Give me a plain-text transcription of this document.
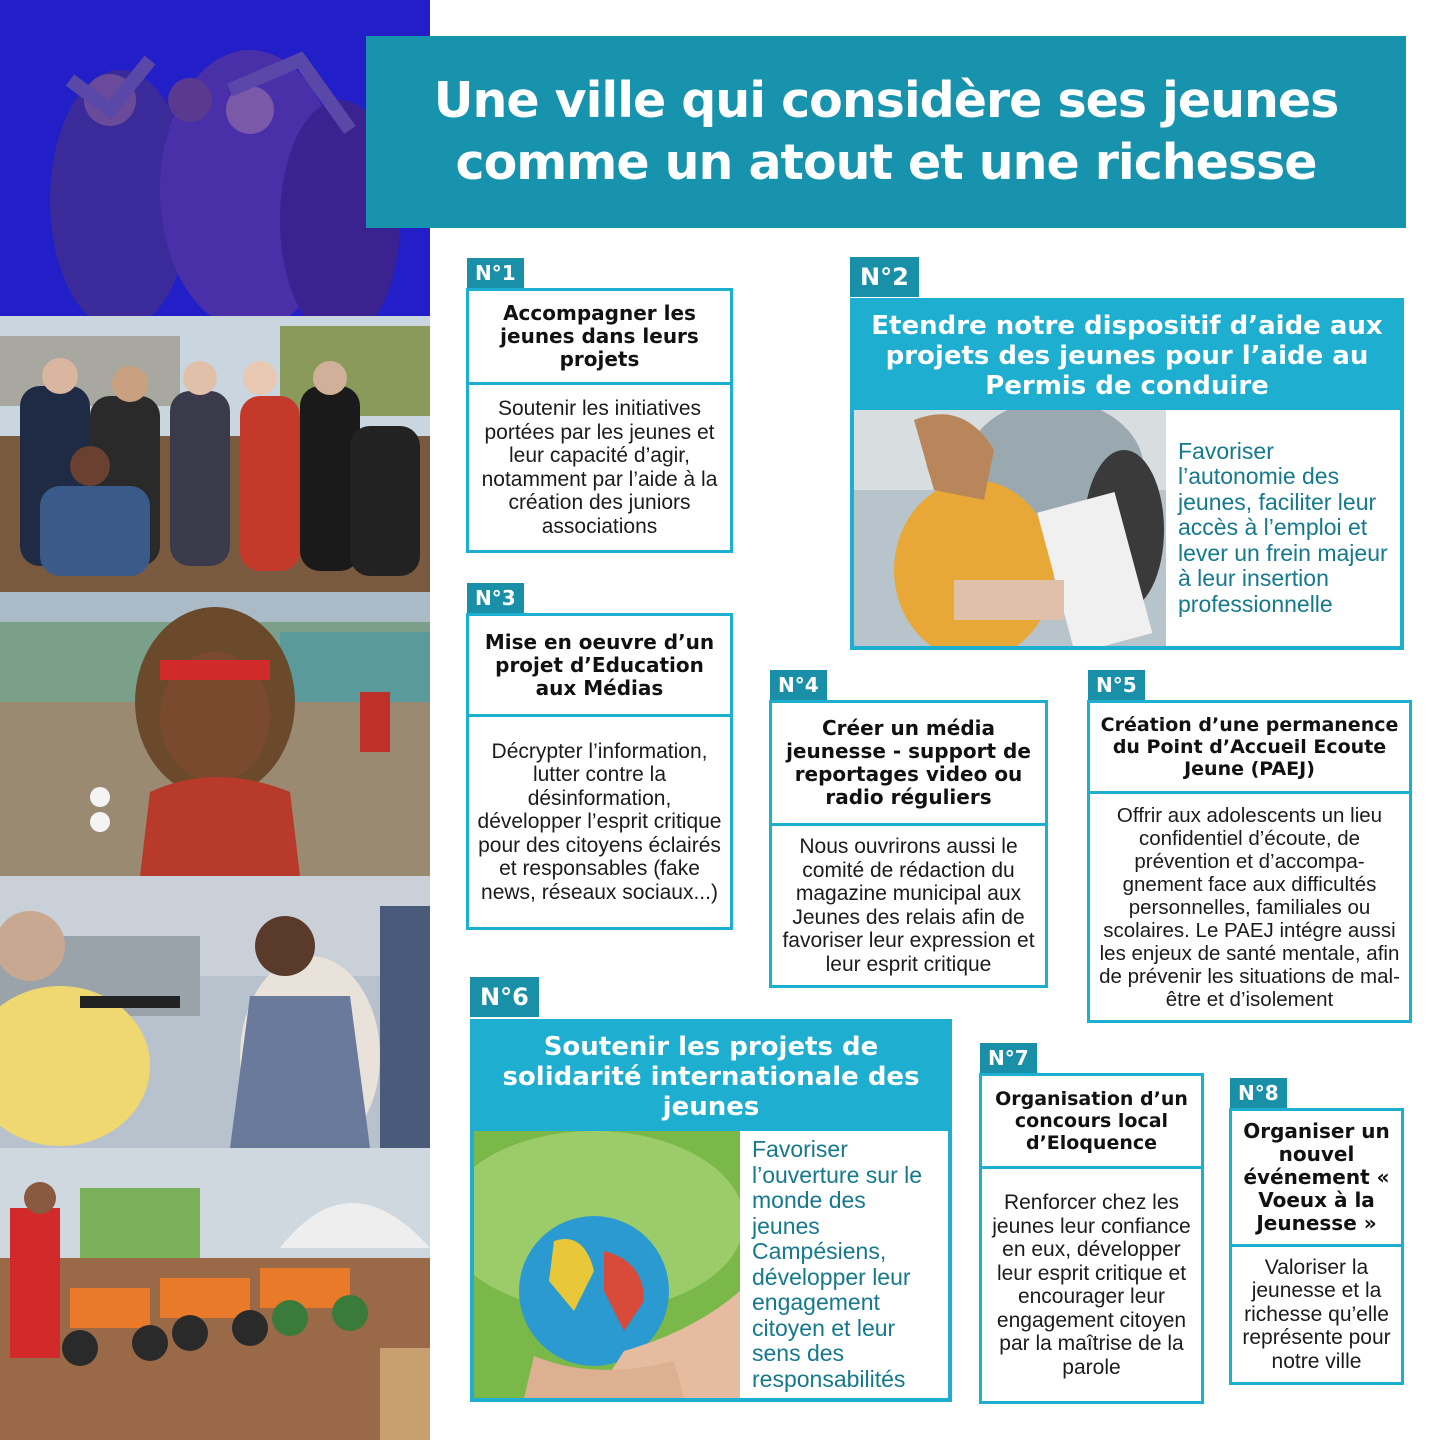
Une ville qui considère ses jeunes comme un atout et une richesse
N°1
Accompagner les jeunes dans leurs projets
Soutenir les initiatives portées par les jeunes et leur capacité d’agir, notamment par l’aide à la création des juniors associations
N°2
Etendre notre dispositif d’aide aux projets des jeunes pour l’aide au Permis de conduire
Favoriser l’autonomie des jeunes, faciliter leur accès à l’emploi et lever un frein majeur à leur insertion professionnelle
N°3
Mise en oeuvre d’un projet d’Education aux Médias
Décrypter l’information, lutter contre la désinformation, développer l’esprit critique pour des citoyens éclairés et responsables (fake news, réseaux sociaux...)
N°4
Créer un média jeunesse - support de reportages video ou radio réguliers
Nous ouvrirons aussi le comité de rédaction du magazine municipal aux Jeunes des relais afin de favoriser leur expression et leur esprit critique
N°5
Création d’une permanence du Point d’Accueil Ecoute Jeune (PAEJ)
Offrir aux adolescents un lieu confidentiel d’écoute, de prévention et d’accompa-gnement face aux difficultés personnelles, familiales ou scolaires. Le PAEJ intégre aussi les enjeux de santé mentale, afin de prévenir les situations de mal-être et d’isolement
N°6
Soutenir les projets de solidarité internationale des jeunes
Favoriser l’ouverture sur le monde des jeunes Campésiens, développer leur engagement citoyen et leur sens des responsabilités
N°7
Organisation d’un concours local d’Eloquence
Renforcer chez les jeunes leur confiance en eux, développer leur esprit critique et encourager leur engagement citoyen par la maîtrise de la parole
N°8
Organiser un nouvel événement « Voeux à la Jeunesse »
Valoriser la jeunesse et la richesse qu’elle représente pour notre ville
